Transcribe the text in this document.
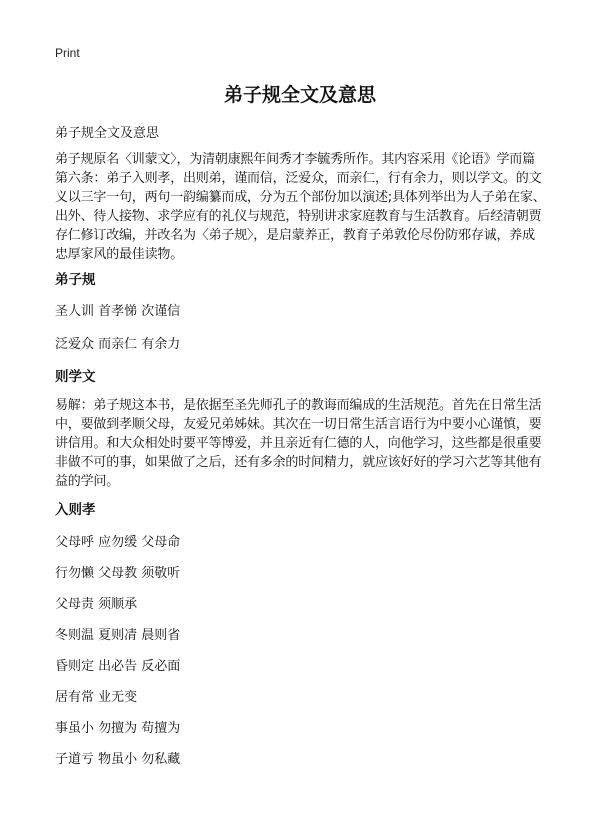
Print
弟子规全文及意思
弟子规全文及意思

弟子规原名〈训蒙文〉，为清朝康熙年间秀才李毓秀所作。其内容采用《论语》学而篇第六条：弟子入则孝，出则弟，谨而信，泛爱众，而亲仁，行有余力，则以学文。的文义以三字一句，两句一韵编纂而成，分为五个部份加以演述;具体列举出为人子弟在家、出外、待人接物、求学应有的礼仪与规范，特别讲求家庭教育与生活教育。后经清朝贾存仁修订改编，并改名为〈弟子规〉，是启蒙养正，教育子弟敦伦尽份防邪存诚，养成忠厚家风的最佳读物。

弟子规

圣人训 首孝悌 次谨信

泛爱众 而亲仁 有余力

则学文

易解：弟子规这本书，是依据至圣先师孔子的教诲而编成的生活规范。首先在日常生活中，要做到孝顺父母，友爱兄弟姊妹。其次在一切日常生活言语行为中要小心谨慎，要讲信用。和大众相处时要平等博爱，并且亲近有仁德的人，向他学习，这些都是很重要非做不可的事，如果做了之后，还有多余的时间精力，就应该好好的学习六艺等其他有益的学问。

入则孝

父母呼 应勿缓 父母命

行勿懒 父母教 须敬听

父母责 须顺承

冬则温 夏则凊 晨则省

昏则定 出必告 反必面

居有常 业无变

事虽小 勿擅为 苟擅为

子道亏 物虽小 勿私藏
